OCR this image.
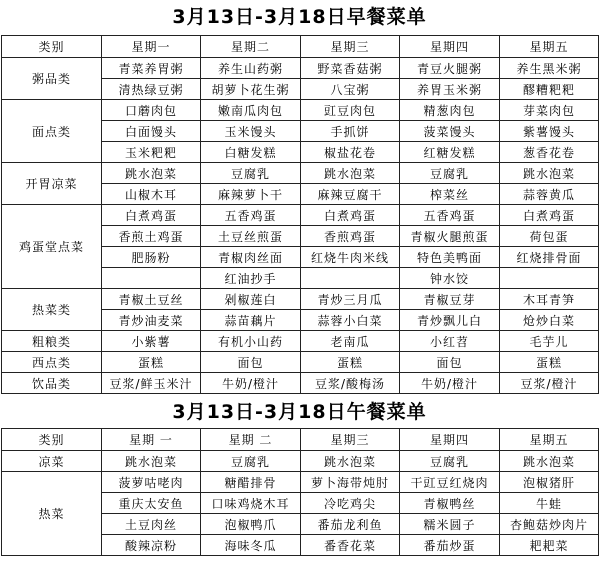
3月13日-3月18日早餐菜单
类别	星期一	星期二	星期三	星期四	星期五
粥品类	青菜养胃粥	养生山药粥	野菜香菇粥	青豆火腿粥	养生黑米粥
	清热绿豆粥	胡萝卜花生粥	八宝粥	养胃玉米粥	醪糟粑粑
面点类	口蘑肉包	嫩南瓜肉包	豇豆肉包	精葱肉包	芽菜肉包
	白面馒头	玉米馒头	手抓饼	菠菜馒头	紫薯馒头
	玉米粑粑	白糖发糕	椒盐花卷	红糖发糕	葱香花卷
开胃凉菜	跳水泡菜	豆腐乳	跳水泡菜	豆腐乳	跳水泡菜
	山椒木耳	麻辣萝卜干	麻辣豆腐干	榨菜丝	蒜蓉黄瓜
鸡蛋堂点菜	白煮鸡蛋	五香鸡蛋	白煮鸡蛋	五香鸡蛋	白煮鸡蛋
	香煎土鸡蛋	土豆丝煎蛋	香煎鸡蛋	青椒火腿煎蛋	荷包蛋
	肥肠粉	青椒肉丝面	红烧牛肉米线	特色美鸭面	红烧排骨面
		红油抄手		钟水饺	
热菜类	青椒土豆丝	剁椒莲白	青炒三月瓜	青椒豆芽	木耳青笋
	青炒油麦菜	蒜苗藕片	蒜蓉小白菜	青炒飘儿白	炝炒白菜
粗粮类	小紫薯	有机小山药	老南瓜	小红苕	毛芋儿
西点类	蛋糕	面包	蛋糕	面包	蛋糕
饮品类	豆浆/鲜玉米汁	牛奶/橙汁	豆浆/酸梅汤	牛奶/橙汁	豆浆/橙汁
3月13日-3月18日午餐菜单
类别	星期 一	星期 二	星期三	星期四	星期五
凉菜	跳水泡菜	豆腐乳	跳水泡菜	豆腐乳	跳水泡菜
热菜	菠萝咕咾肉	糖醋排骨	萝卜海带炖肘	干豇豆红烧肉	泡椒猪肝
	重庆太安鱼	口味鸡烧木耳	冷吃鸡尖	青椒鸭丝	牛蛙
	土豆肉丝	泡椒鸭爪	番茄龙利鱼	糯米圆子	杏鲍菇炒肉片
	酸辣凉粉	海味冬瓜	番香花菜	番茄炒蛋	耙耙菜
